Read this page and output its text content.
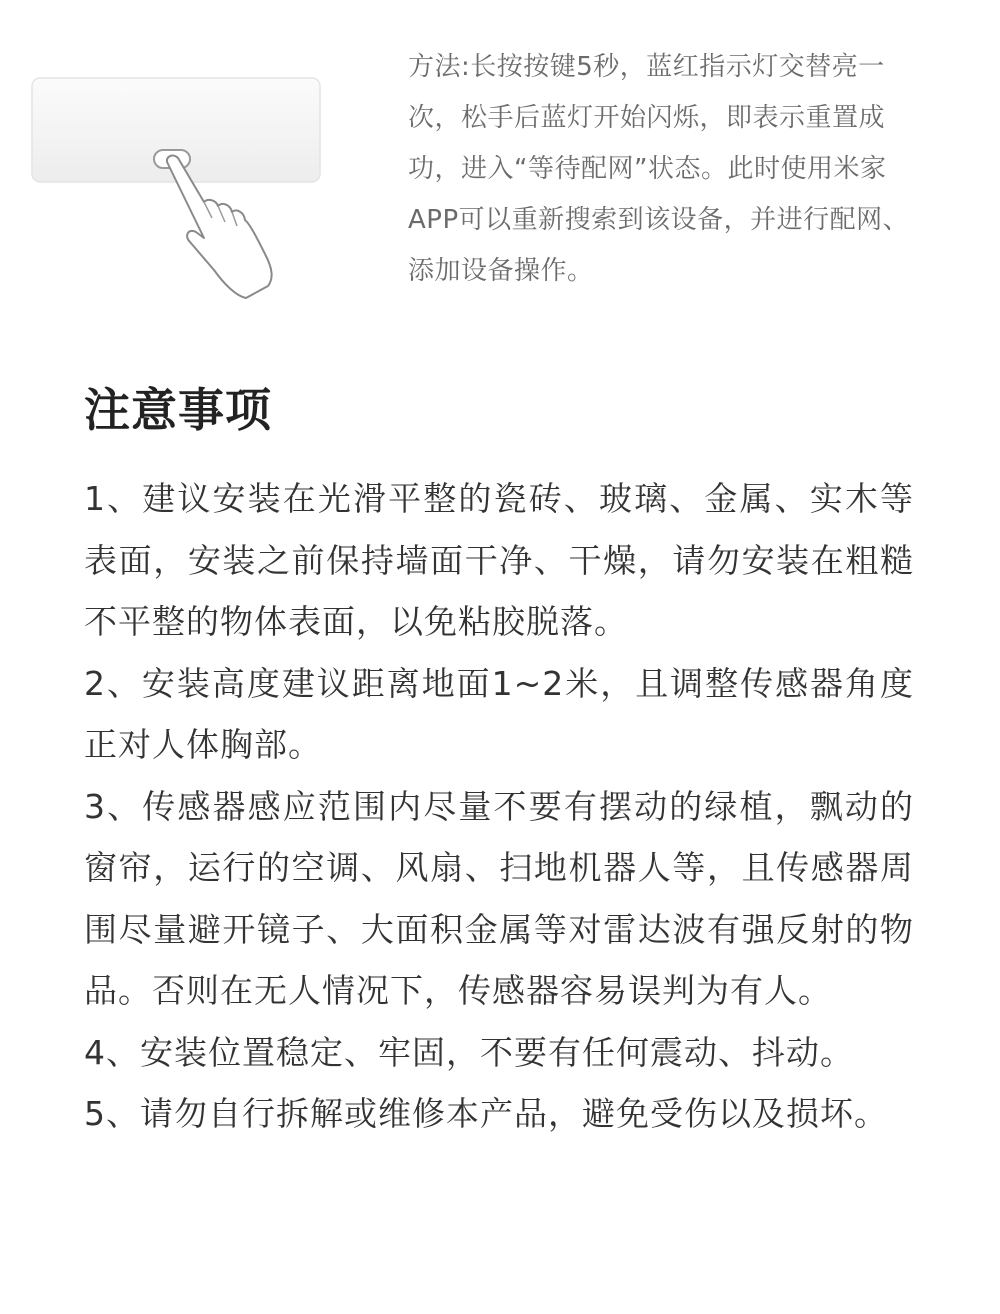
方法:长按按键5秒，蓝红指示灯交替亮一次，松手后蓝灯开始闪烁，即表示重置成功，进入“等待配网”状态。此时使用米家APP可以重新搜索到该设备，并进行配网、添加设备操作。

注意事项
1、建议安装在光滑平整的瓷砖、玻璃、金属、实木等表面，安装之前保持墙面干净、干燥，请勿安装在粗糙不平整的物体表面，以免粘胶脱落。
2、安装高度建议距离地面1~2米，且调整传感器角度正对人体胸部。
3、传感器感应范围内尽量不要有摆动的绿植，飘动的窗帘，运行的空调、风扇、扫地机器人等，且传感器周围尽量避开镜子、大面积金属等对雷达波有强反射的物品。否则在无人情况下，传感器容易误判为有人。
4、安装位置稳定、牢固，不要有任何震动、抖动。
5、请勿自行拆解或维修本产品，避免受伤以及损坏。
